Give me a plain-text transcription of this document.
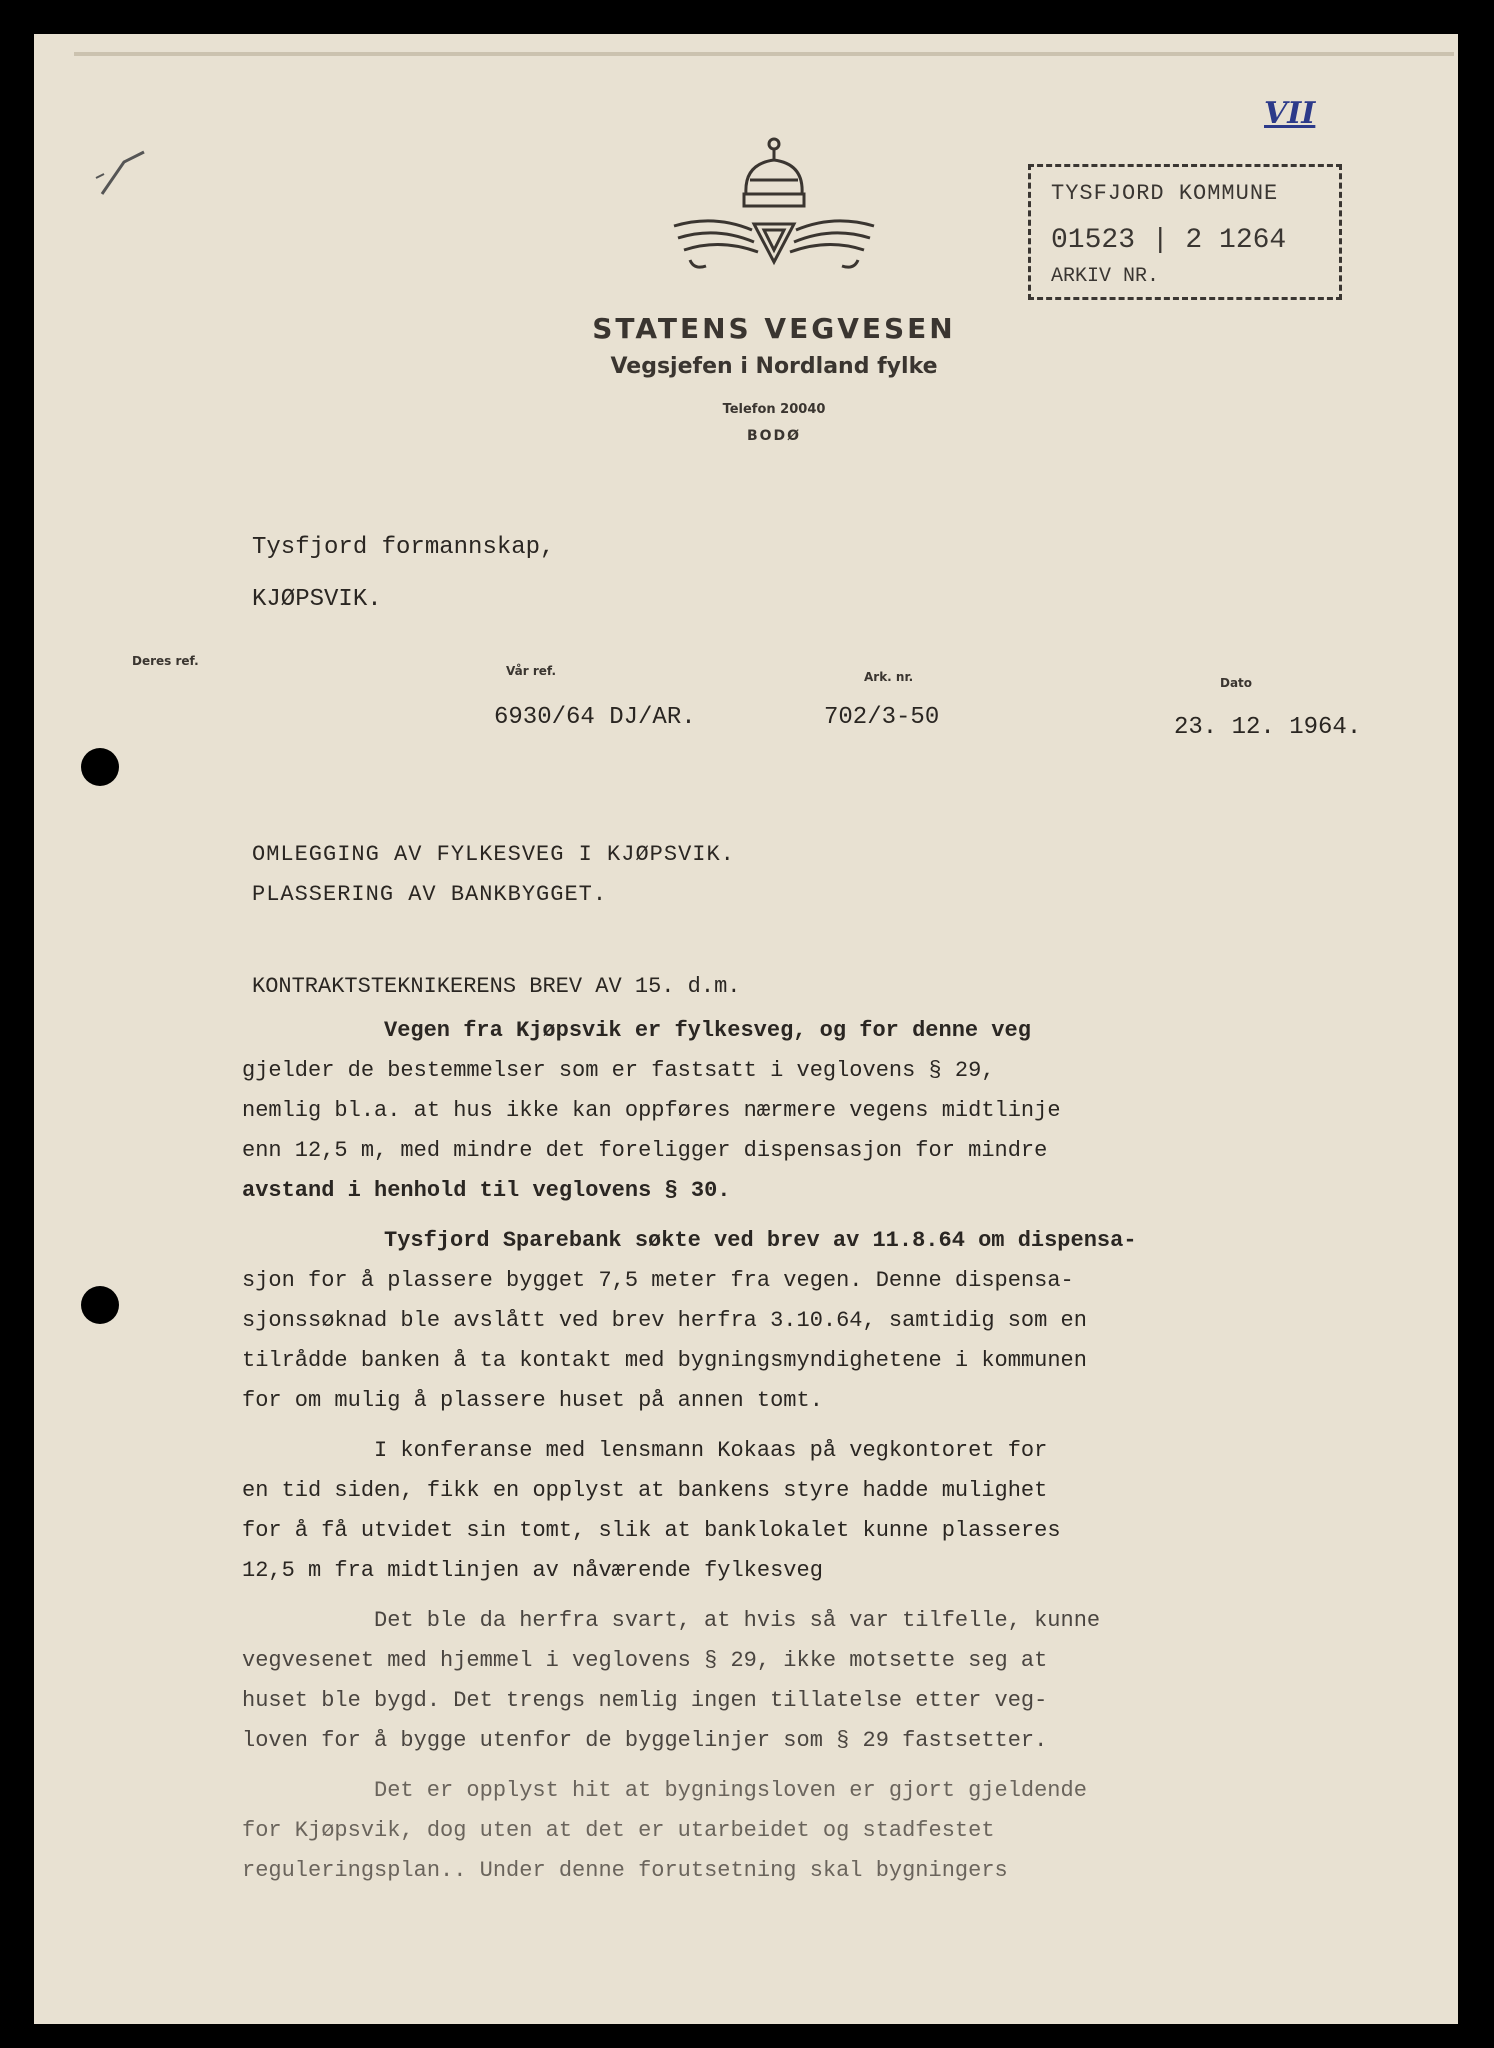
VII
STATENS VEGVESEN
Vegsjefen i Nordland fylke
Telefon 20040
BODØ
TYSFJORD KOMMUNE
01523 | 2 1264
ARKIV NR.
Tysfjord formannskap,
KJØPSVIK.
Deres ref.
Vår ref.
6930/64 DJ/AR.
Ark. nr.
702/3-50
Dato
23. 12. 1964.
OMLEGGING AV FYLKESVEG I KJØPSVIK.
PLASSERING AV BANKBYGGET.
KONTRAKTSTEKNIKERENS BREV AV 15. d.m.
Vegen fra Kjøpsvik er fylkesveg, og for denne veg
gjelder de bestemmelser som er fastsatt i veglovens § 29,
nemlig bl.a. at hus ikke kan oppføres nærmere vegens midtlinje
enn 12,5 m, med mindre det foreligger dispensasjon for mindre
avstand i henhold til veglovens § 30.
Tysfjord Sparebank søkte ved brev av 11.8.64 om dispensa-
sjon for å plassere bygget 7,5 meter fra vegen. Denne dispensa-
sjonssøknad ble avslått ved brev herfra 3.10.64, samtidig som en
tilrådde banken å ta kontakt med bygningsmyndighetene i kommunen
for om mulig å plassere huset på annen tomt.
I konferanse med lensmann Kokaas på vegkontoret for
en tid siden, fikk en opplyst at bankens styre hadde mulighet
for å få utvidet sin tomt, slik at banklokalet kunne plasseres
12,5 m fra midtlinjen av nåværende fylkesveg
Det ble da herfra svart, at hvis så var tilfelle, kunne
vegvesenet med hjemmel i veglovens § 29, ikke motsette seg at
huset ble bygd. Det trengs nemlig ingen tillatelse etter veg-
loven for å bygge utenfor de byggelinjer som § 29 fastsetter.
Det er opplyst hit at bygningsloven er gjort gjeldende
for Kjøpsvik, dog uten at det er utarbeidet og stadfestet
reguleringsplan.. Under denne forutsetning skal bygningers
